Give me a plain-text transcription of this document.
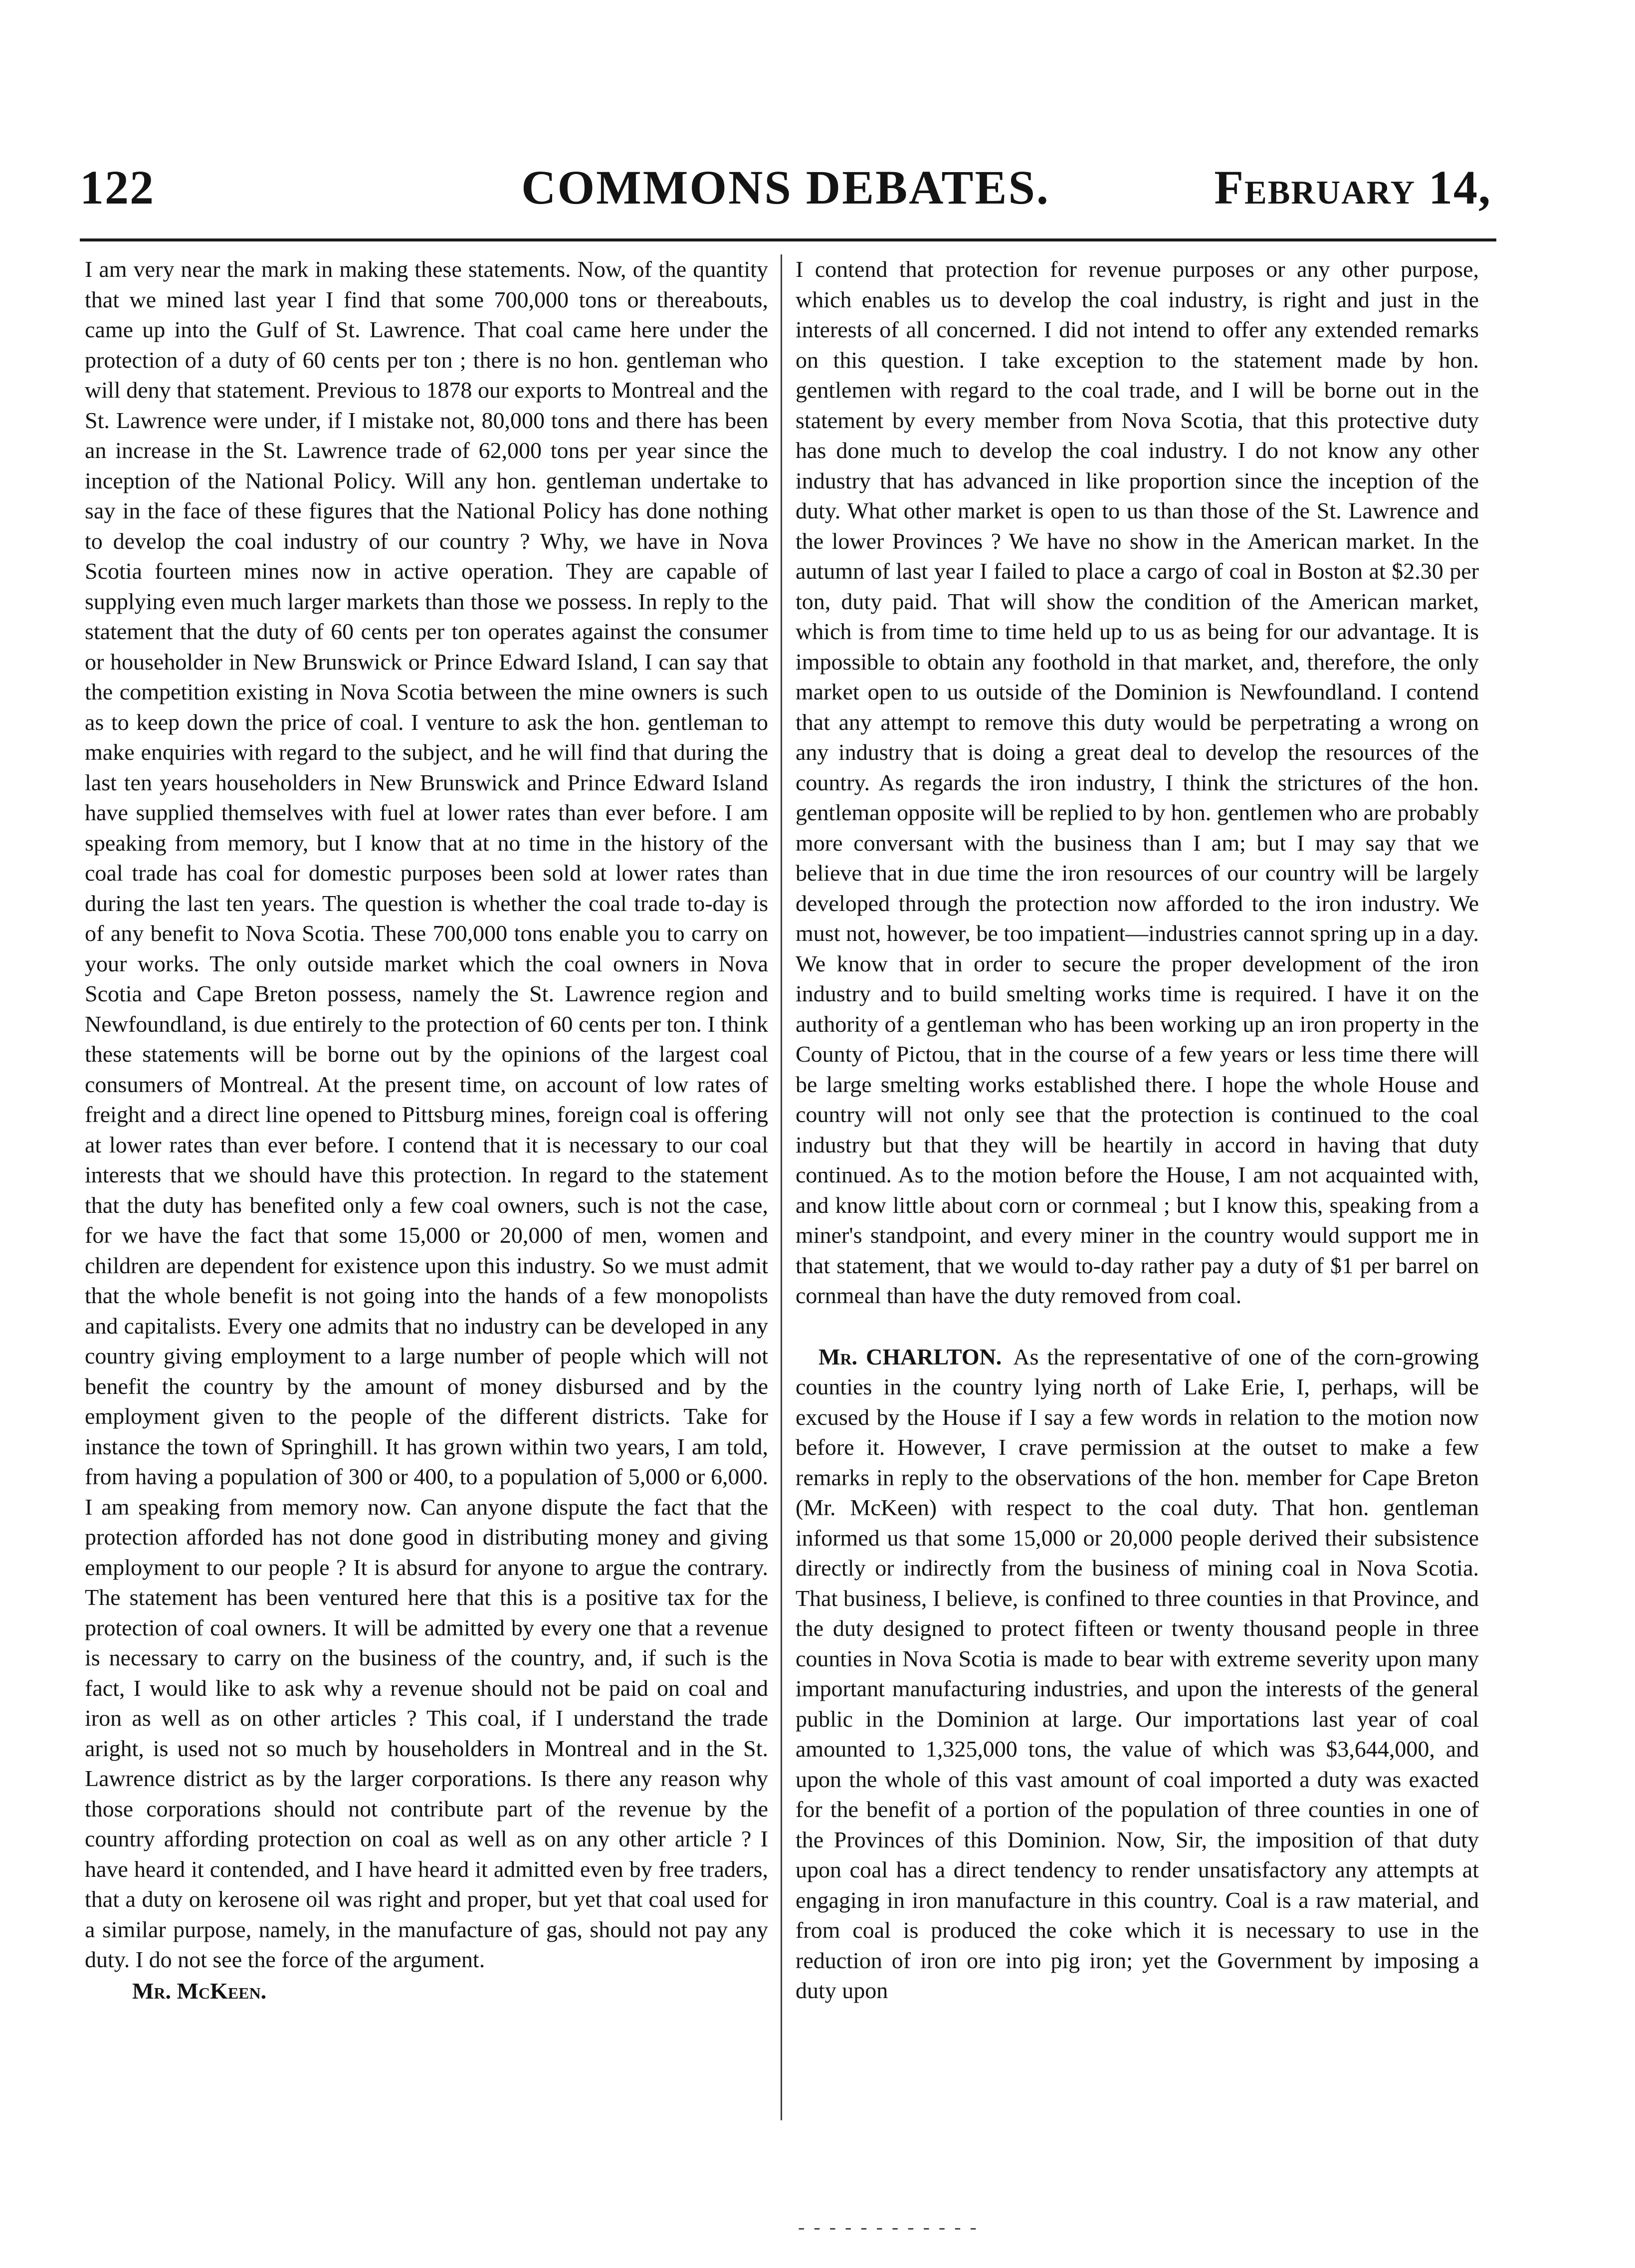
122	COMMONS DEBATES.	February 14,

I am very near the mark in making these statements. Now, of the quantity that we mined last year I find that some 700,000 tons or thereabouts, came up into the Gulf of St. Lawrence. That coal came here under the protection of a duty of 60 cents per ton ; there is no hon. gentleman who will deny that statement. Previous to 1878 our exports to Montreal and the St. Lawrence were under, if I mistake not, 80,000 tons and there has been an increase in the St. Lawrence trade of 62,000 tons per year since the inception of the National Policy. Will any hon. gentleman undertake to say in the face of these figures that the National Policy has done nothing to develop the coal industry of our country ? Why, we have in Nova Scotia fourteen mines now in active operation. They are capable of supplying even much larger markets than those we possess. In reply to the statement that the duty of 60 cents per ton operates against the consumer or householder in New Brunswick or Prince Edward Island, I can say that the competition existing in Nova Scotia between the mine owners is such as to keep down the price of coal. I venture to ask the hon. gentleman to make enquiries with regard to the subject, and he will find that during the last ten years householders in New Brunswick and Prince Edward Island have supplied themselves with fuel at lower rates than ever before. I am speaking from memory, but I know that at no time in the history of the coal trade has coal for domestic purposes been sold at lower rates than during the last ten years. The question is whether the coal trade to-day is of any benefit to Nova Scotia. These 700,000 tons enable you to carry on your works. The only outside market which the coal owners in Nova Scotia and Cape Breton possess, namely the St. Lawrence region and Newfoundland, is due entirely to the protection of 60 cents per ton. I think these statements will be borne out by the opinions of the largest coal consumers of Montreal. At the present time, on account of low rates of freight and a direct line opened to Pittsburg mines, foreign coal is offering at lower rates than ever before. I contend that it is necessary to our coal interests that we should have this protection. In regard to the statement that the duty has benefited only a few coal owners, such is not the case, for we have the fact that some 15,000 or 20,000 of men, women and children are dependent for existence upon this industry. So we must admit that the whole benefit is not going into the hands of a few monopolists and capitalists. Every one admits that no industry can be developed in any country giving employment to a large number of people which will not benefit the country by the amount of money disbursed and by the employment given to the people of the different districts. Take for instance the town of Springhill. It has grown within two years, I am told, from having a population of 300 or 400, to a population of 5,000 or 6,000. I am speaking from memory now. Can anyone dispute the fact that the protection afforded has not done good in distributing money and giving employment to our people ? It is absurd for anyone to argue the contrary. The statement has been ventured here that this is a positive tax for the protection of coal owners. It will be admitted by every one that a revenue is necessary to carry on the business of the country, and, if such is the fact, I would like to ask why a revenue should not be paid on coal and iron as well as on other articles ? This coal, if I understand the trade aright, is used not so much by householders in Montreal and in the St. Lawrence district as by the larger corporations. Is there any reason why those corporations should not contribute part of the revenue by the country affording protection on coal as well as on any other article ? I have heard it contended, and I have heard it admitted even by free traders, that a duty on kerosene oil was right and proper, but yet that coal used for a similar purpose, namely, in the manufacture of gas, should not pay any duty. I do not see the force of the argument.

Mr. McKeen.

I contend that protection for revenue purposes or any other purpose, which enables us to develop the coal industry, is right and just in the interests of all concerned. I did not intend to offer any extended remarks on this question. I take exception to the statement made by hon. gentlemen with regard to the coal trade, and I will be borne out in the statement by every member from Nova Scotia, that this protective duty has done much to develop the coal industry. I do not know any other industry that has advanced in like proportion since the inception of the duty. What other market is open to us than those of the St. Lawrence and the lower Provinces ? We have no show in the American market. In the autumn of last year I failed to place a cargo of coal in Boston at $2.30 per ton, duty paid. That will show the condition of the American market, which is from time to time held up to us as being for our advantage. It is impossible to obtain any foothold in that market, and, therefore, the only market open to us outside of the Dominion is Newfoundland. I contend that any attempt to remove this duty would be perpetrating a wrong on any industry that is doing a great deal to develop the resources of the country. As regards the iron industry, I think the strictures of the hon. gentleman opposite will be replied to by hon. gentlemen who are probably more conversant with the business than I am; but I may say that we believe that in due time the iron resources of our country will be largely developed through the protection now afforded to the iron industry. We must not, however, be too impatient—industries cannot spring up in a day. We know that in order to secure the proper development of the iron industry and to build smelting works time is required. I have it on the authority of a gentleman who has been working up an iron property in the County of Pictou, that in the course of a few years or less time there will be large smelting works established there. I hope the whole House and country will not only see that the protection is continued to the coal industry but that they will be heartily in accord in having that duty continued. As to the motion before the House, I am not acquainted with, and know little about corn or cornmeal ; but I know this, speaking from a miner's standpoint, and every miner in the country would support me in that statement, that we would to-day rather pay a duty of $1 per barrel on cornmeal than have the duty removed from coal.

 Mr. CHARLTON.  As the representative of one of the corn-growing counties in the country lying north of Lake Erie, I, perhaps, will be excused by the House if I say a few words in relation to the motion now before it. However, I crave permission at the outset to make a few remarks in reply to the observations of the hon. member for Cape Breton (Mr. McKeen) with respect to the coal duty. That hon. gentleman informed us that some 15,000 or 20,000 people derived their subsistence directly or indirectly from the business of mining coal in Nova Scotia. That business, I believe, is confined to three counties in that Province, and the duty designed to protect fifteen or twenty thousand people in three counties in Nova Scotia is made to bear with extreme severity upon many important manufacturing industries, and upon the interests of the general public in the Dominion at large. Our importations last year of coal amounted to 1,325,000 tons, the value of which was $3,644,000, and upon the whole of this vast amount of coal imported a duty was exacted for the benefit of a portion of the population of three counties in one of the Provinces of this Dominion. Now, Sir, the imposition of that duty upon coal has a direct tendency to render unsatisfactory any attempts at engaging in iron manufacture in this country. Coal is a raw material, and from coal is produced the coke which it is necessary to use in the reduction of iron ore into pig iron; yet the Government by imposing a duty upon

- - - - - - - - - - - -
